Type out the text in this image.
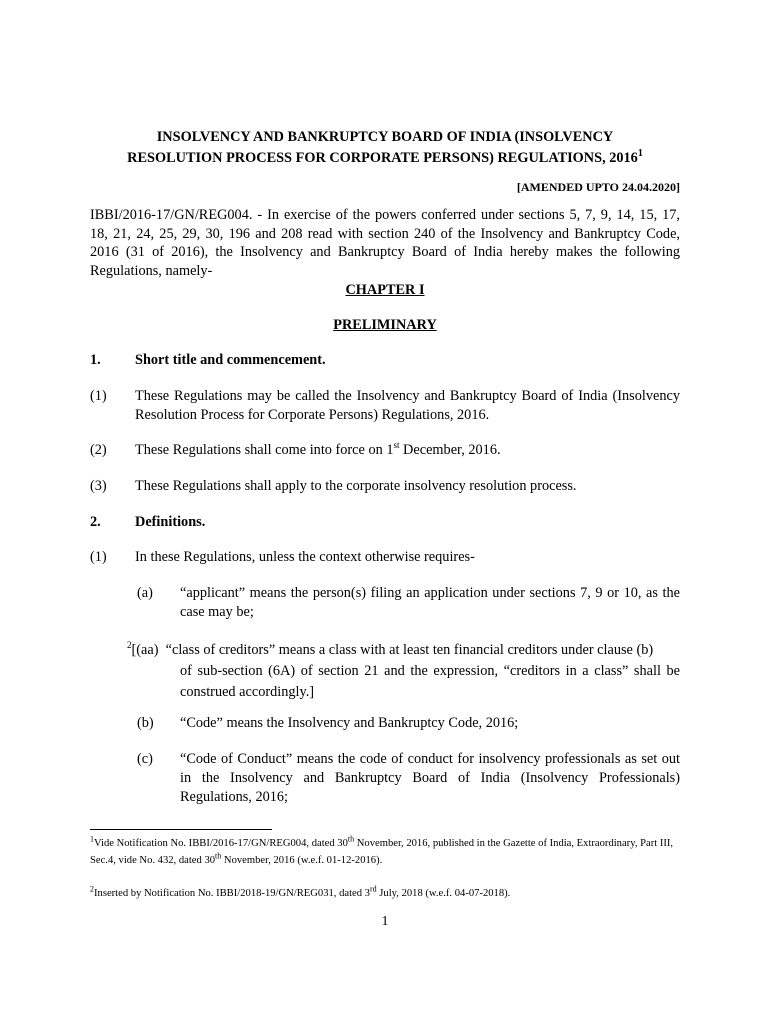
INSOLVENCY AND BANKRUPTCY BOARD OF INDIA (INSOLVENCY
RESOLUTION PROCESS FOR CORPORATE PERSONS) REGULATIONS, 2016$^1$
[AMENDED UPTO 24.04.2020]
IBBI/2016-17/GN/REG004. - In exercise of the powers conferred under sections 5, 7, 9, 14, 15, 17, 18, 21, 24, 25, 29, 30, 196 and 208 read with section 240 of the Insolvency and Bankruptcy Code, 2016 (31 of 2016), the Insolvency and Bankruptcy Board of India hereby makes the following Regulations, namely-
CHAPTER I
PRELIMINARY
1. Short title and commencement.
(1) These Regulations may be called the Insolvency and Bankruptcy Board of India (Insolvency Resolution Process for Corporate Persons) Regulations, 2016.
(2) These Regulations shall come into force on 1st December, 2016.
(3) These Regulations shall apply to the corporate insolvency resolution process.
2. Definitions.
(1) In these Regulations, unless the context otherwise requires-
(a) “applicant” means the person(s) filing an application under sections 7, 9 or 10, as the case may be;
$^2$[(aa) “class of creditors” means a class with at least ten financial creditors under clause (b)
of sub-section (6A) of section 21 and the expression, “creditors in a class” shall be construed accordingly.]
(b) “Code” means the Insolvency and Bankruptcy Code, 2016;
(c) “Code of Conduct” means the code of conduct for insolvency professionals as set out in the Insolvency and Bankruptcy Board of India (Insolvency Professionals) Regulations, 2016;
$^1$Vide Notification No. IBBI/2016-17/GN/REG004, dated 30th November, 2016, published in the Gazette of India, Extraordinary, Part III, Sec.4, vide No. 432, dated 30th November, 2016 (w.e.f. 01-12-2016).
$^2$Inserted by Notification No. IBBI/2018-19/GN/REG031, dated 3rd July, 2018 (w.e.f. 04-07-2018).
1
